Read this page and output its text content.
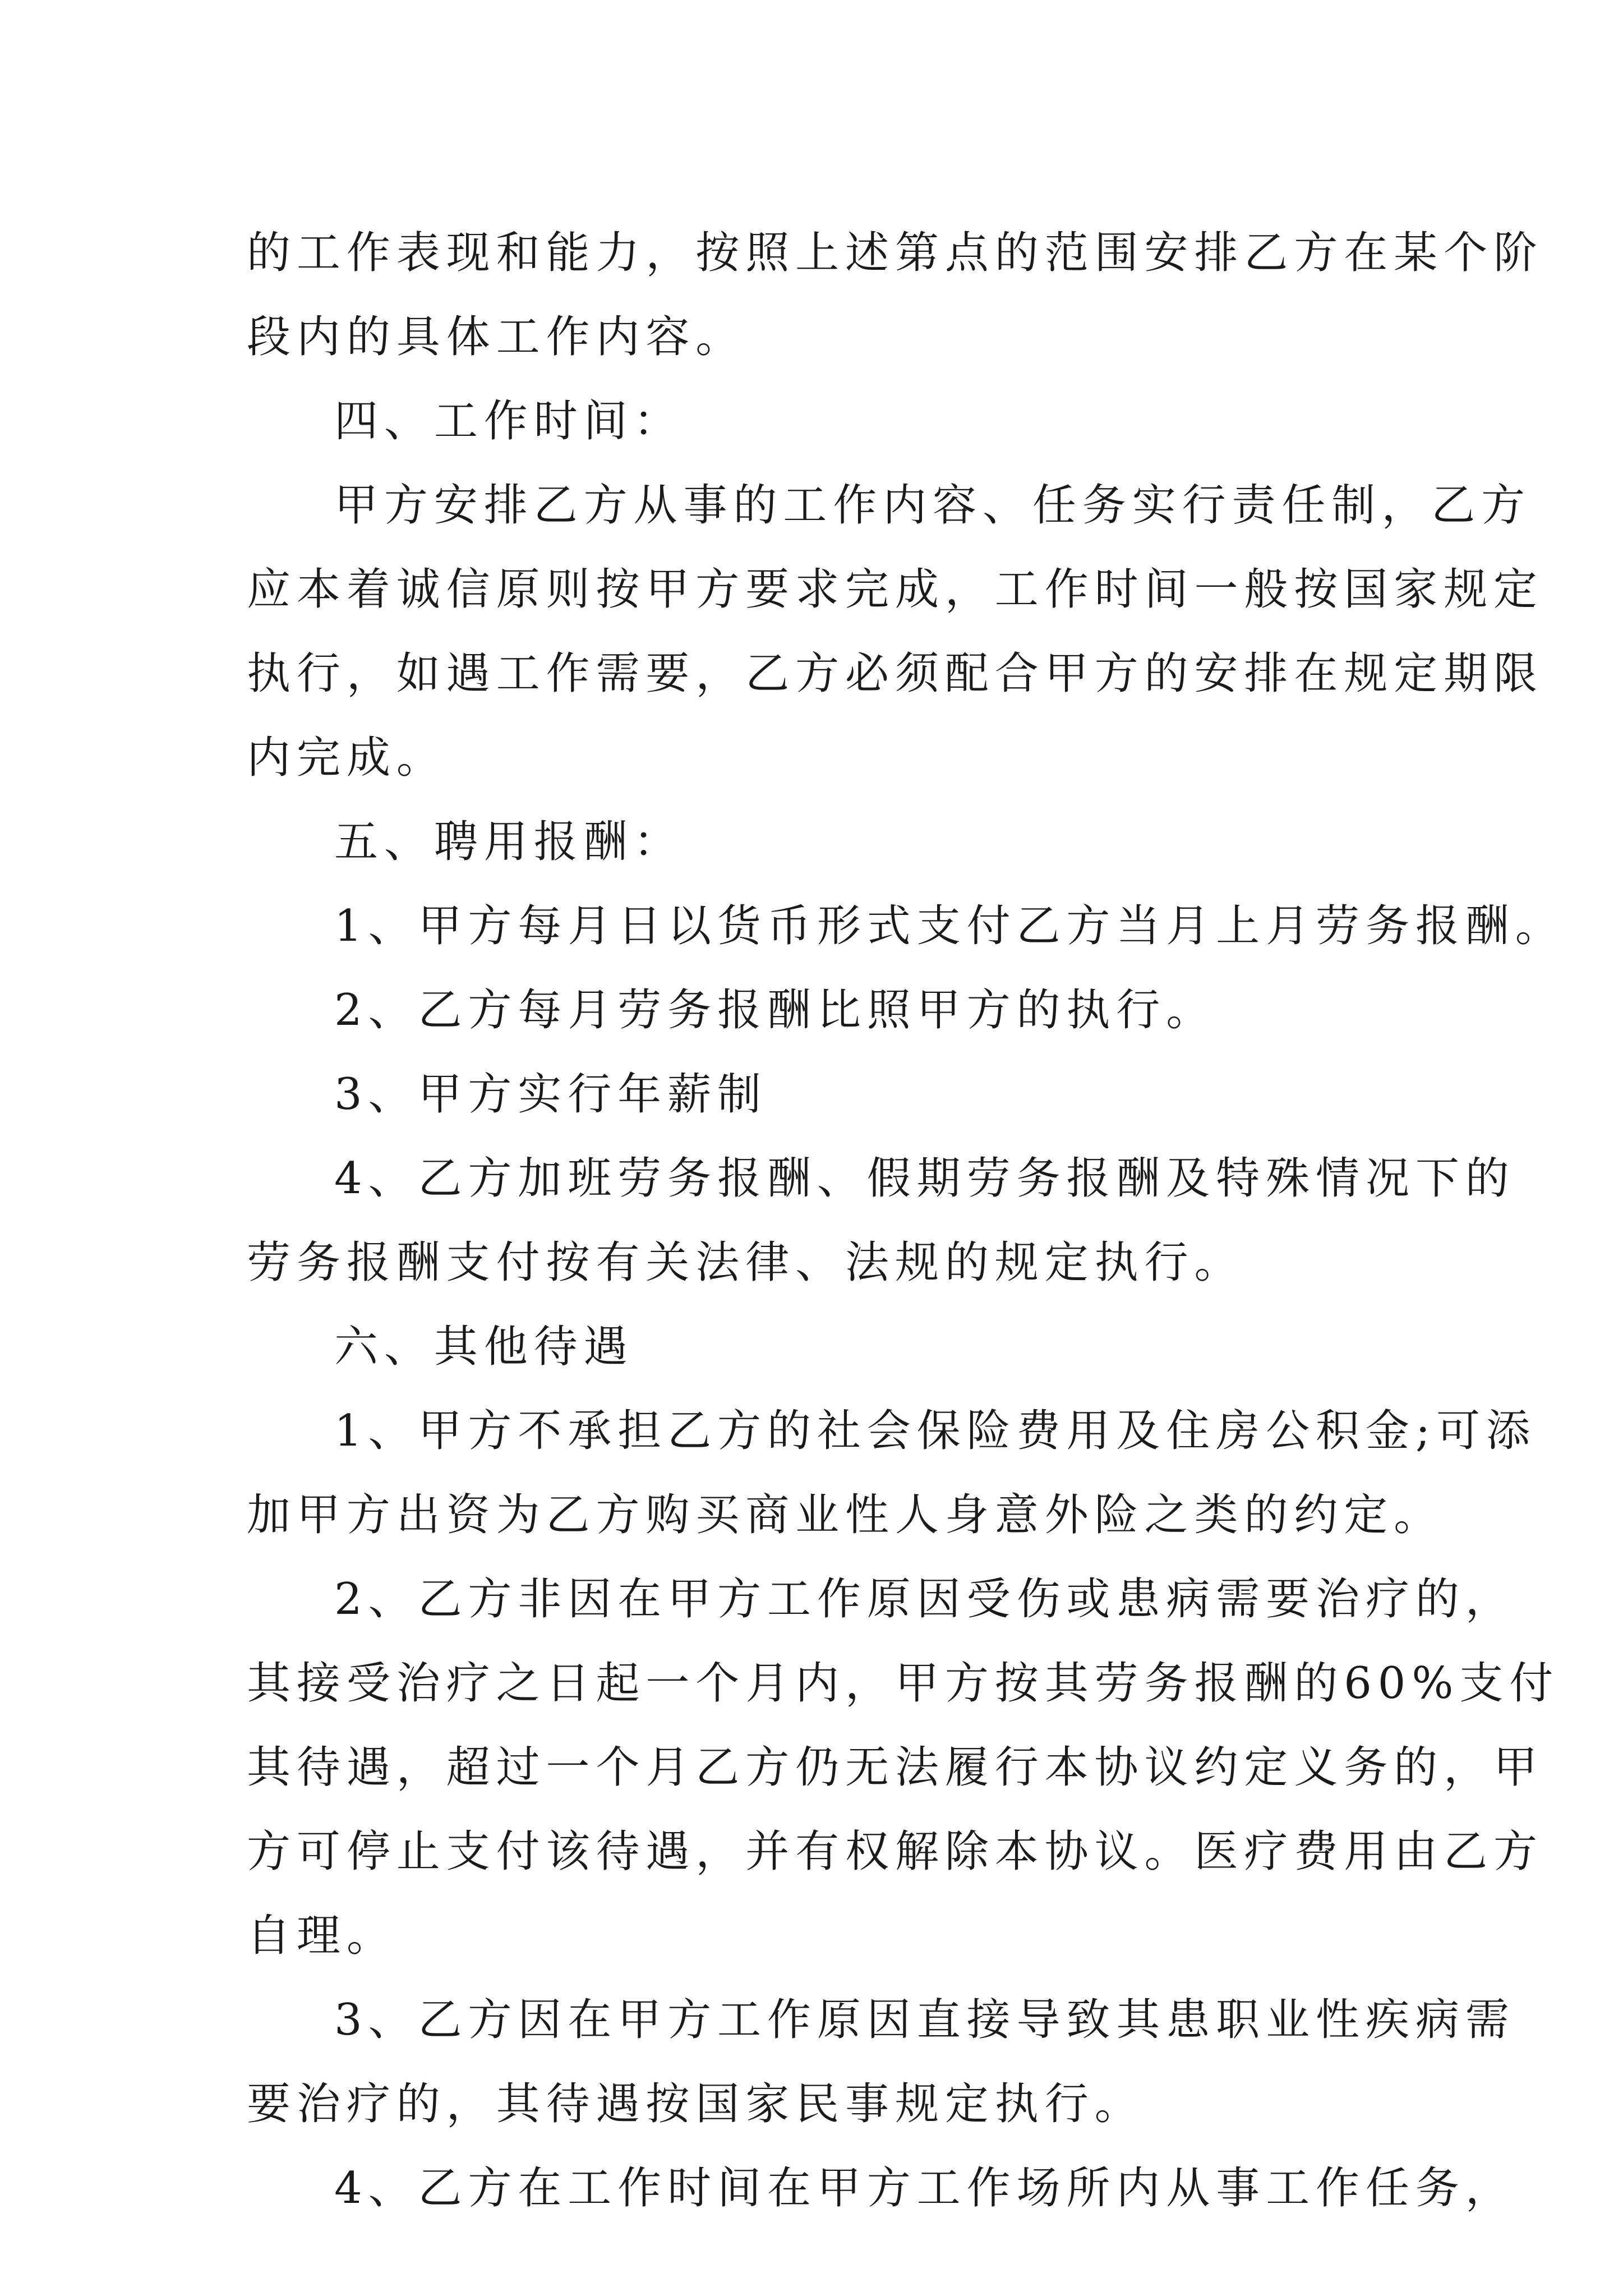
的工作表现和能力，按照上述第点的范围安排乙方在某个阶
段内的具体工作内容。
四、工作时间：
甲方安排乙方从事的工作内容、任务实行责任制，乙方
应本着诚信原则按甲方要求完成，工作时间一般按国家规定
执行，如遇工作需要，乙方必须配合甲方的安排在规定期限
内完成。
五、聘用报酬：
1、甲方每月日以货币形式支付乙方当月上月劳务报酬。
2、乙方每月劳务报酬比照甲方的执行。
3、甲方实行年薪制
4、乙方加班劳务报酬、假期劳务报酬及特殊情况下的
劳务报酬支付按有关法律、法规的规定执行。
六、其他待遇
1、甲方不承担乙方的社会保险费用及住房公积金;可添
加甲方出资为乙方购买商业性人身意外险之类的约定。
2、乙方非因在甲方工作原因受伤或患病需要治疗的，
其接受治疗之日起一个月内，甲方按其劳务报酬的60%支付
其待遇，超过一个月乙方仍无法履行本协议约定义务的，甲
方可停止支付该待遇，并有权解除本协议。医疗费用由乙方
自理。
3、乙方因在甲方工作原因直接导致其患职业性疾病需
要治疗的，其待遇按国家民事规定执行。
4、乙方在工作时间在甲方工作场所内从事工作任务，
